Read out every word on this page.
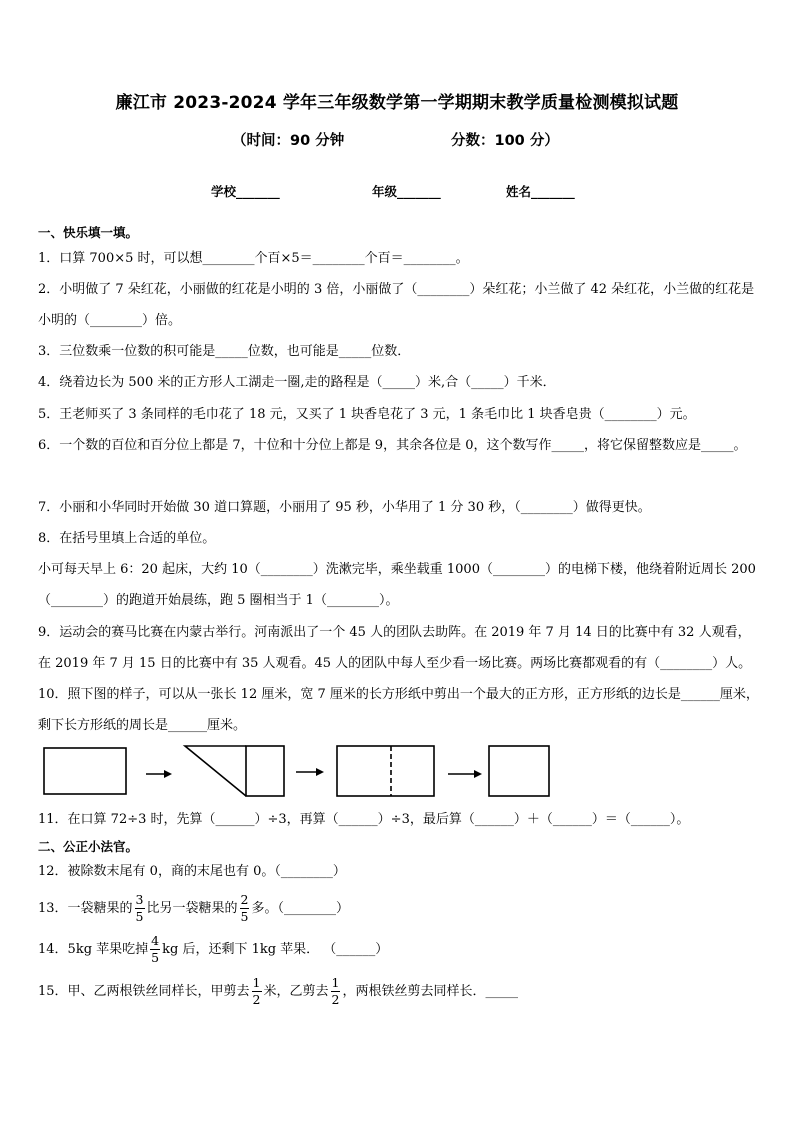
廉江市 2023-2024 学年三年级数学第一学期期末教学质量检测模拟试题
（时间：90 分钟	分数：100 分）
学校_______	年级_______	姓名_______
一、快乐填一填。
1．口算 700×5 时，可以想________个百×5＝________个百＝________。
2．小明做了 7 朵红花，小丽做的红花是小明的 3 倍，小丽做了（________）朵红花；小兰做了 42 朵红花，小兰做的红花是小明的（________）倍。
3．三位数乘一位数的积可能是_____位数，也可能是_____位数．
4．绕着边长为 500 米的正方形人工湖走一圈,走的路程是（_____）米,合（_____）千米．
5．王老师买了 3 条同样的毛巾花了 18 元，又买了 1 块香皂花了 3 元，1 条毛巾比 1 块香皂贵（________）元。
6．一个数的百位和百分位上都是 7，十位和十分位上都是 9，其余各位是 0，这个数写作_____，将它保留整数应是_____。
7．小丽和小华同时开始做 30 道口算题，小丽用了 95 秒，小华用了 1 分 30 秒，（________）做得更快。
8．在括号里填上合适的单位。
小可每天早上 6：20 起床，大约 10（________）洗漱完毕，乘坐载重 1000（________）的电梯下楼，他绕着附近周长 200（________）的跑道开始晨练，跑 5 圈相当于 1（________）。
9．运动会的赛马比赛在内蒙古举行。河南派出了一个 45 人的团队去助阵。在 2019 年 7 月 14 日的比赛中有 32 人观看，在 2019 年 7 月 15 日的比赛中有 35 人观看。45 人的团队中每人至少看一场比赛。两场比赛都观看的有（________）人。
10．照下图的样子，可以从一张长 12 厘米，宽 7 厘米的长方形纸中剪出一个最大的正方形，正方形纸的边长是______厘米，剩下长方形纸的周长是______厘米。
11．在口算 72÷3 时，先算（______）÷3，再算（______）÷3，最后算（______）＋（______）＝（______）。
二、公正小法官。
12．被除数末尾有 0，商的末尾也有 0。（________）
13．一袋糖果的 $\frac{3}{5}$ 比另一袋糖果的 $\frac{2}{5}$ 多。（________）
14．5kg 苹果吃掉 $\frac{4}{5}$ kg 后，还剩下 1kg 苹果． （______）
15．甲、乙两根铁丝同样长，甲剪去 $\frac{1}{2}$ 米，乙剪去 $\frac{1}{2}$ ，两根铁丝剪去同样长．_____
